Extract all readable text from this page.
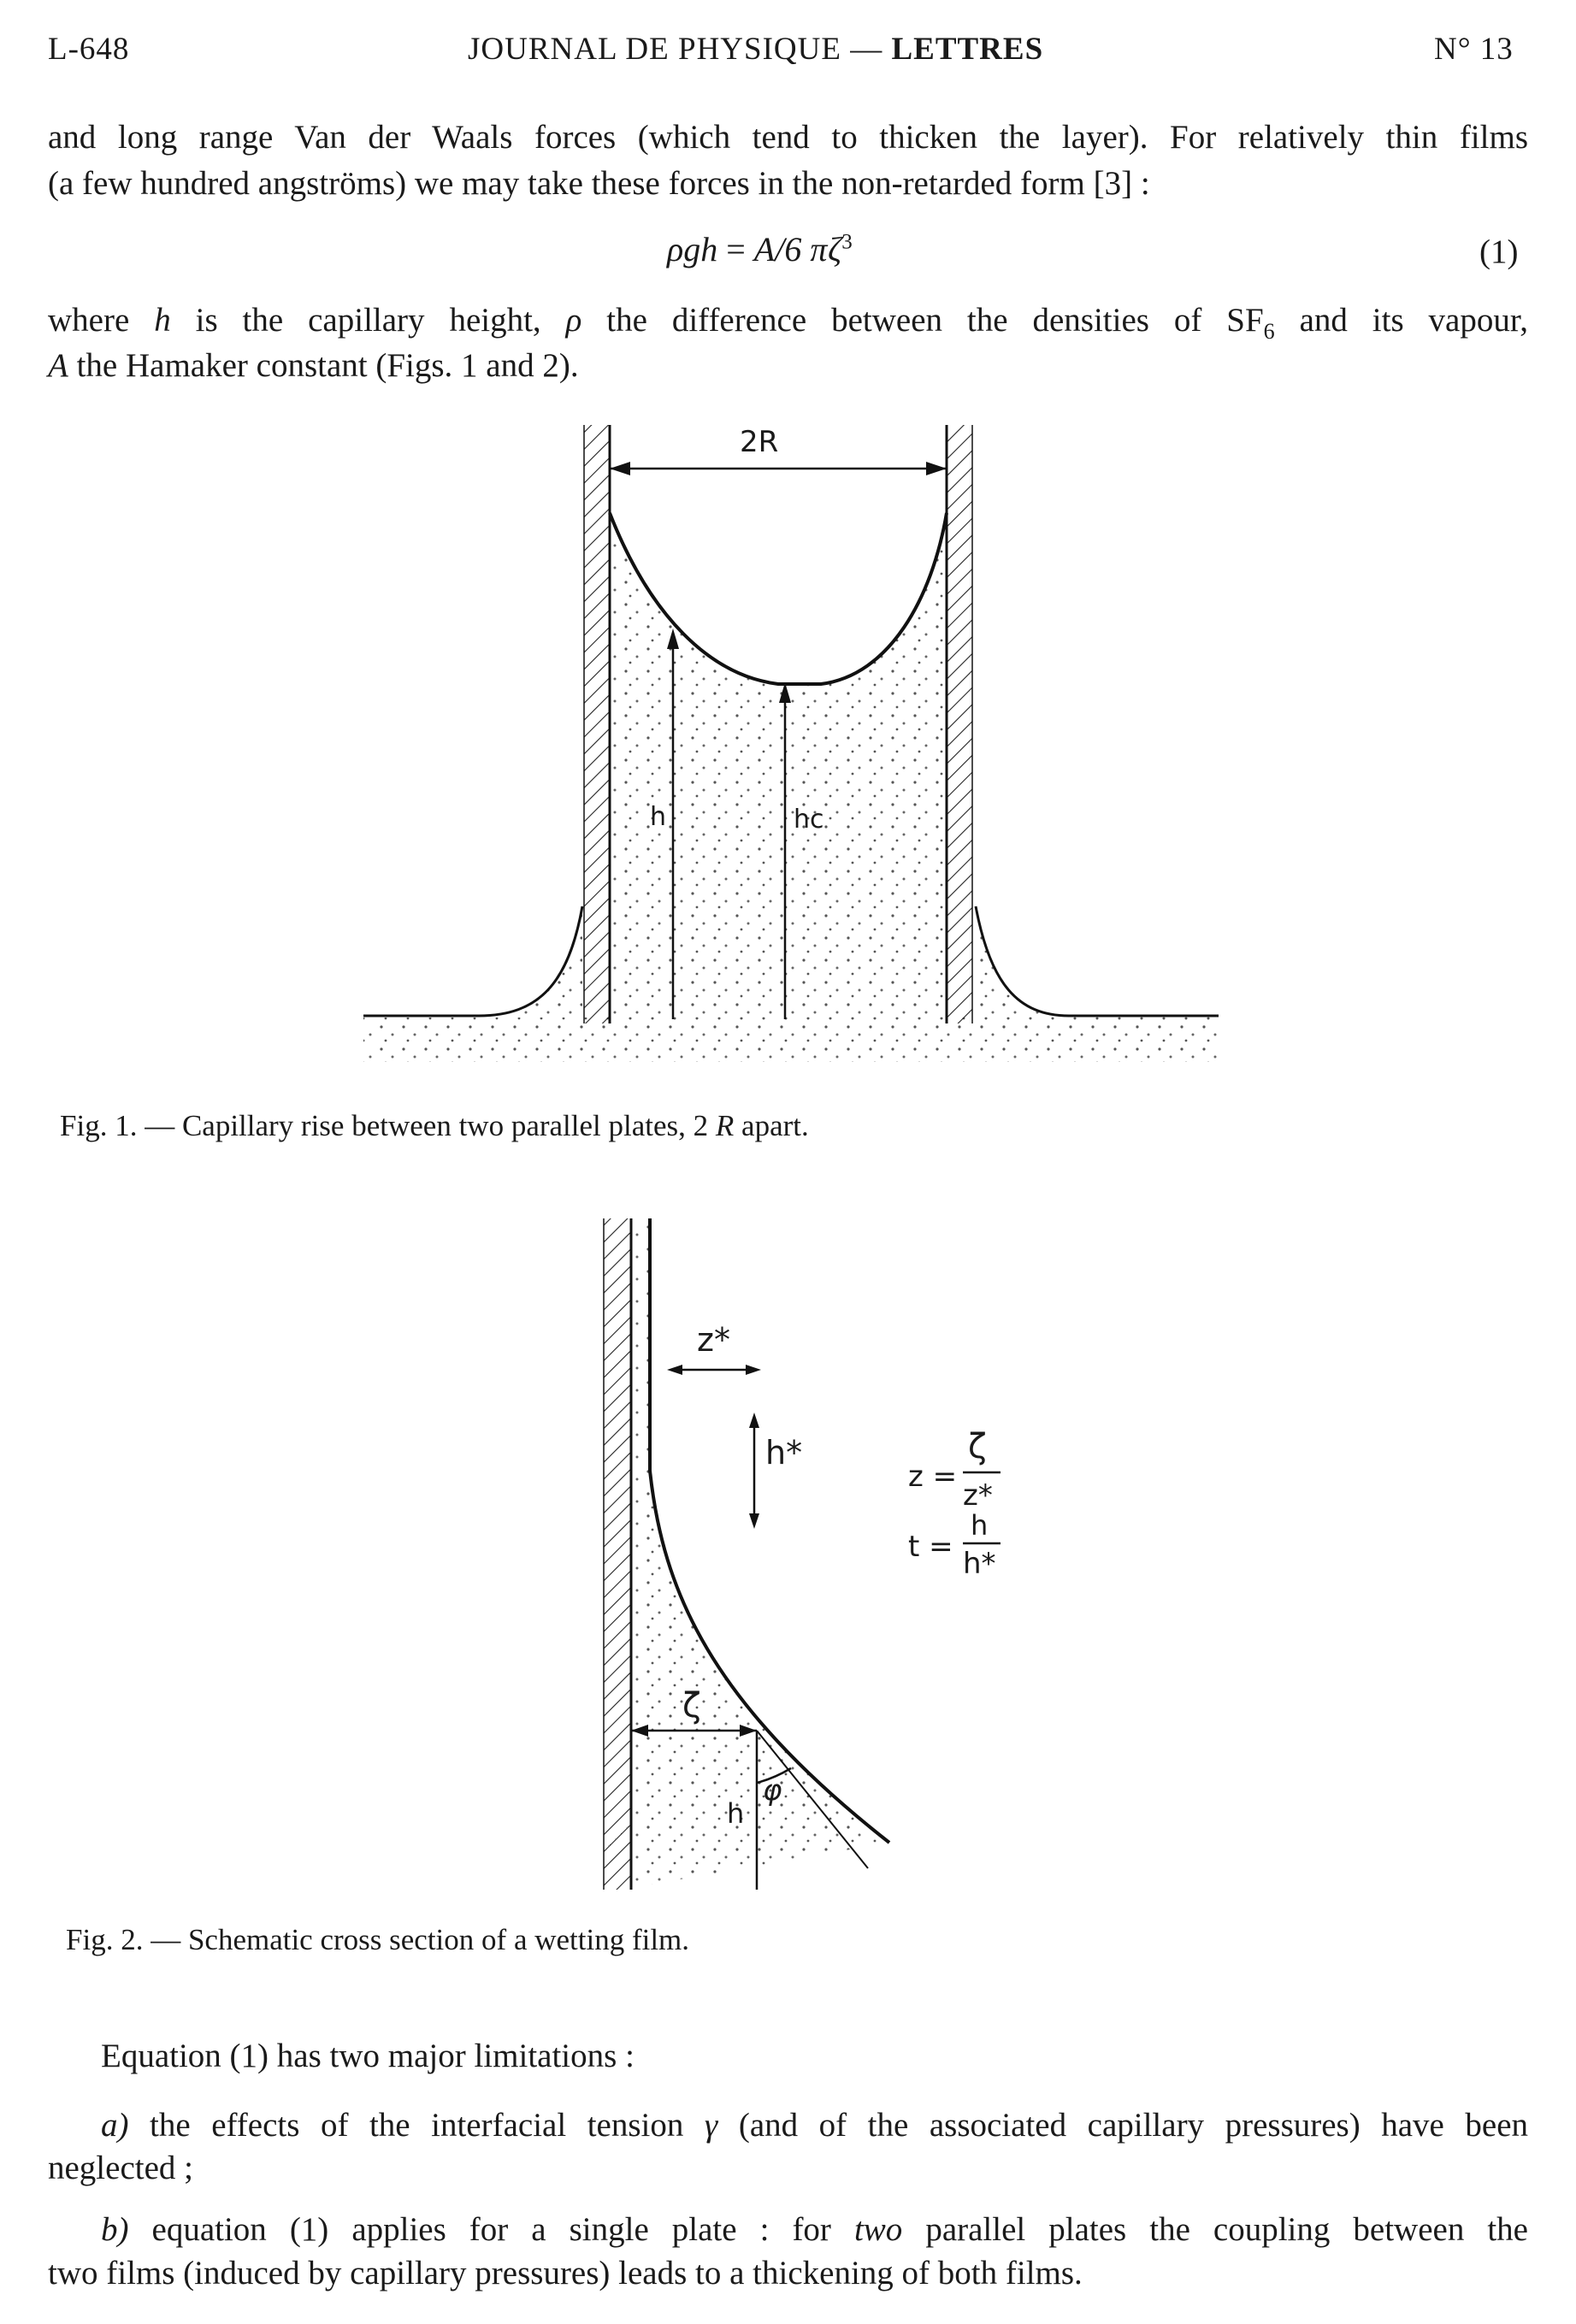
L-648	JOURNAL DE PHYSIQUE — LETTRES	N° 13
and long range Van der Waals forces (which tend to thicken the layer). For relatively thin films
(a few hundred angströms) we may take these forces in the non-retarded form [3] :
ρgh = A/6 $\pi\zeta^3$	(1)
where h is the capillary height, ρ the difference between the densities of $SF_6$ and its vapour,
A the Hamaker constant (Figs. 1 and 2).
2R
h	hc
Fig. 1. — Capillary rise between two parallel plates, 2 R apart.
z*
h*
z =
ζ
z*
t =
h
h*
ζ
h
φ
Fig. 2. — Schematic cross section of a wetting film.
Equation (1) has two major limitations :
a) the effects of the interfacial tension γ (and of the associated capillary pressures) have been
neglected ;
b) equation (1) applies for a single plate : for two parallel plates the coupling between the
two films (induced by capillary pressures) leads to a thickening of both films.
